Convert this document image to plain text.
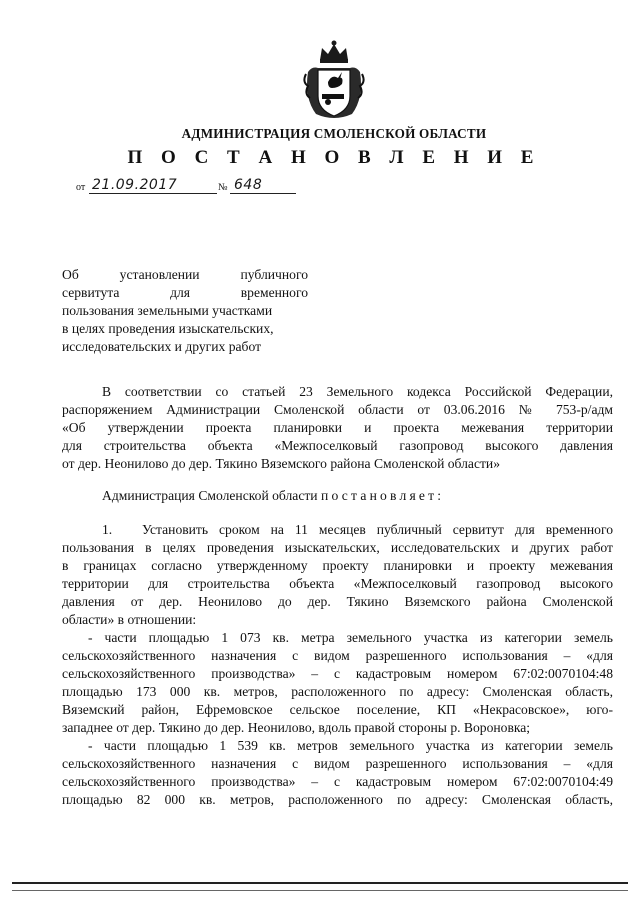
АДМИНИСТРАЦИЯ СМОЛЕНСКОЙ ОБЛАСТИ
П О С Т А Н О В Л Е Н И Е
от 21.09.2017	№ 648
Об установлении публичного
сервитута для временного
пользования земельными участками
в целях проведения изыскательских,
исследовательских и других работ
В соответствии со статьей 23 Земельного кодекса Российской Федерации,
распоряжением Администрации Смоленской области от 03.06.2016 № 753-р/адм
«Об утверждении проекта планировки и проекта межевания территории
для строительства объекта «Межпоселковый газопровод высокого давления
от дер. Неонилово до дер. Тякино Вяземского района Смоленской области»
Администрация Смоленской области постановляет:
1. Установить сроком на 11 месяцев публичный сервитут для временного
пользования в целях проведения изыскательских, исследовательских и других работ
в границах согласно утвержденному проекту планировки и проекту межевания
территории для строительства объекта «Межпоселковый газопровод высокого
давления от дер. Неонилово до дер. Тякино Вяземского района Смоленской
области» в отношении:
- части площадью 1 073 кв. метра земельного участка из категории земель
сельскохозяйственного назначения с видом разрешенного использования – «для
сельскохозяйственного производства» – с кадастровым номером 67:02:0070104:48
площадью 173 000 кв. метров, расположенного по адресу: Смоленская область,
Вяземский район, Ефремовское сельское поселение, КП «Некрасовское», юго-
западнее от дер. Тякино до дер. Неонилово, вдоль правой стороны р. Вороновка;
- части площадью 1 539 кв. метров земельного участка из категории земель
сельскохозяйственного назначения с видом разрешенного использования – «для
сельскохозяйственного производства» – с кадастровым номером 67:02:0070104:49
площадью 82 000 кв. метров, расположенного по адресу: Смоленская область,
